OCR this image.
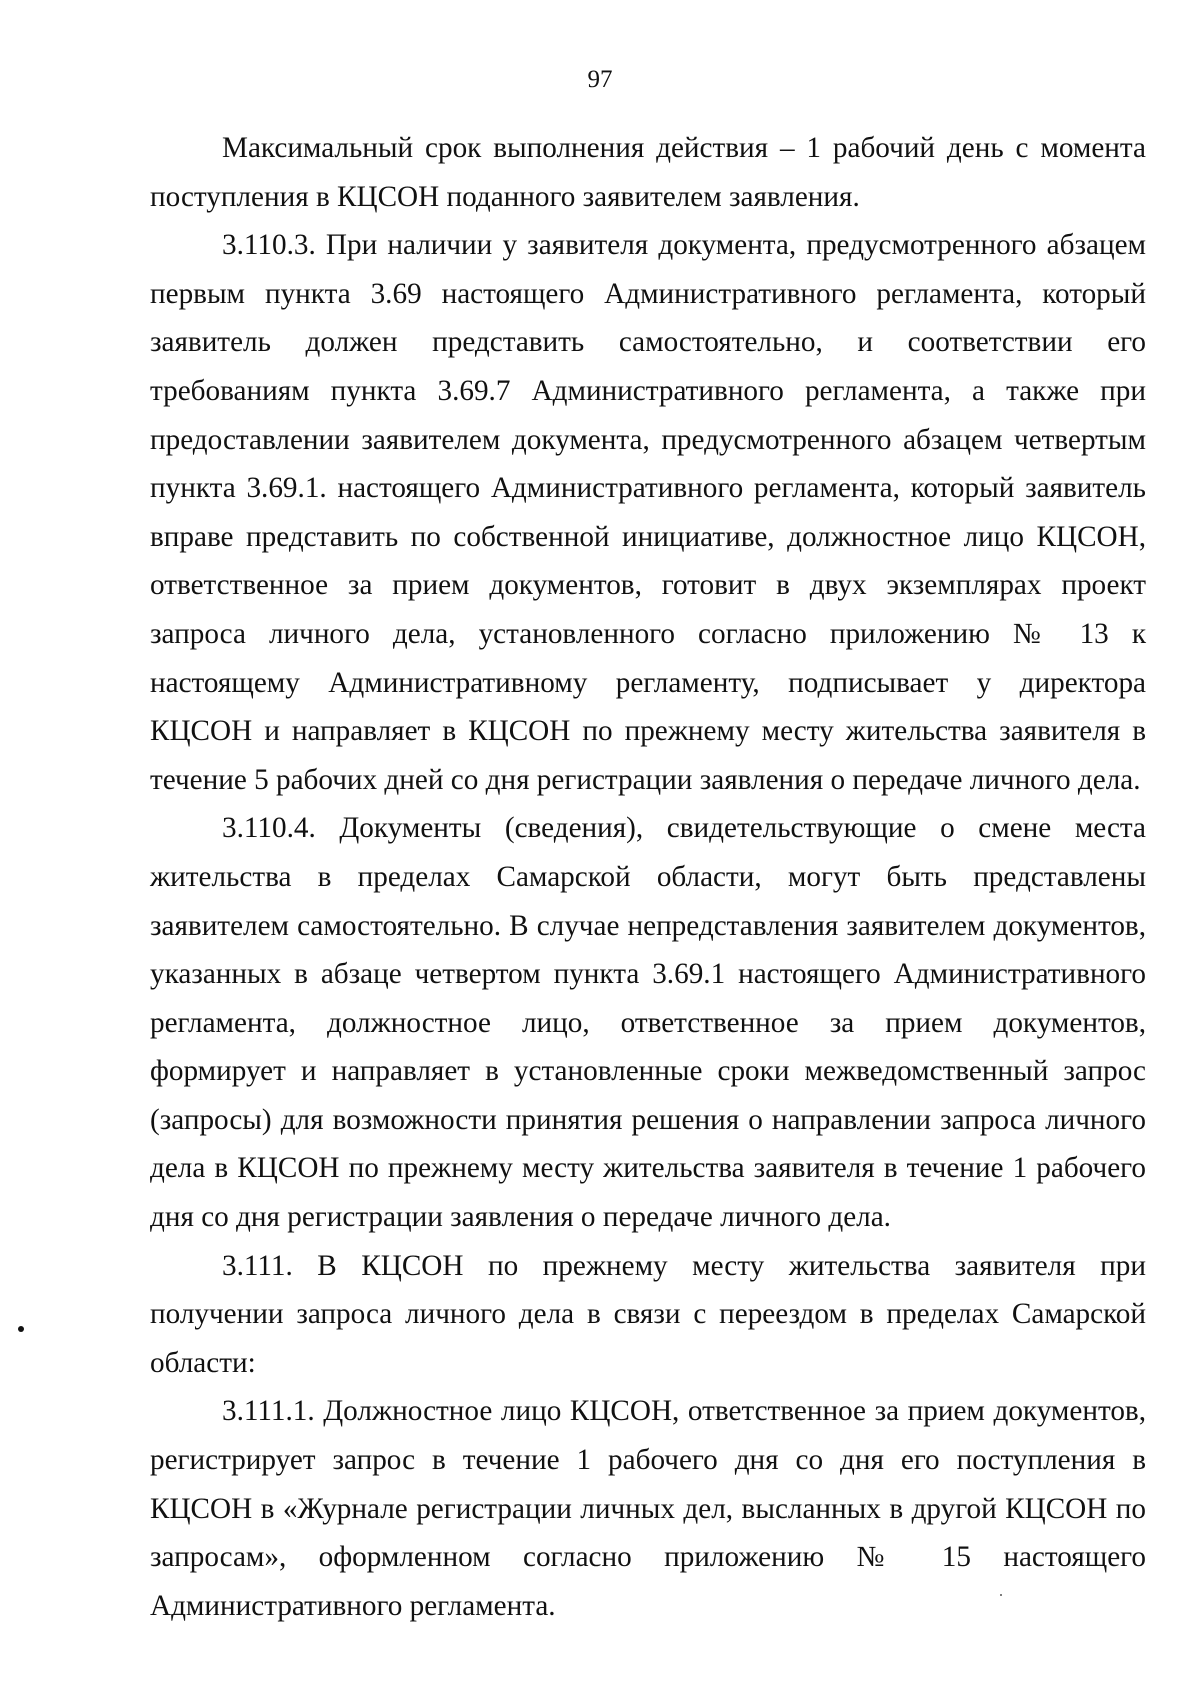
97

Максимальный срок выполнения действия – 1 рабочий день с момента поступления в КЦСОН поданного заявителем заявления.

3.110.3. При наличии у заявителя документа, предусмотренного абзацем первым пункта 3.69 настоящего Административного регламента, который заявитель должен представить самостоятельно, и соответствии его требованиям пункта 3.69.7 Административного регламента, а также при предоставлении заявителем документа, предусмотренного абзацем четвертым пункта 3.69.1. настоящего Административного регламента, который заявитель вправе представить по собственной инициативе, должностное лицо КЦСОН, ответственное за прием документов, готовит в двух экземплярах проект запроса личного дела, установленного согласно приложению № 13 к настоящему Административному регламенту, подписывает у директора КЦСОН и направляет в КЦСОН по прежнему месту жительства заявителя в течение 5 рабочих дней со дня регистрации заявления о передаче личного дела.

3.110.4. Документы (сведения), свидетельствующие о смене места жительства в пределах Самарской области, могут быть представлены заявителем самостоятельно. В случае непредставления заявителем документов, указанных в абзаце четвертом пункта 3.69.1 настоящего Административного регламента, должностное лицо, ответственное за прием документов, формирует и направляет в установленные сроки межведомственный запрос (запросы) для возможности принятия решения о направлении запроса личного дела в КЦСОН по прежнему месту жительства заявителя в течение 1 рабочего дня со дня регистрации заявления о передаче личного дела.

3.111. В КЦСОН по прежнему месту жительства заявителя при получении запроса личного дела в связи с переездом в пределах Самарской области:

3.111.1. Должностное лицо КЦСОН, ответственное за прием документов, регистрирует запрос в течение 1 рабочего дня со дня его поступления в КЦСОН в «Журнале регистрации личных дел, высланных в другой КЦСОН по запросам», оформленном согласно приложению № 15 настоящего Административного регламента.
